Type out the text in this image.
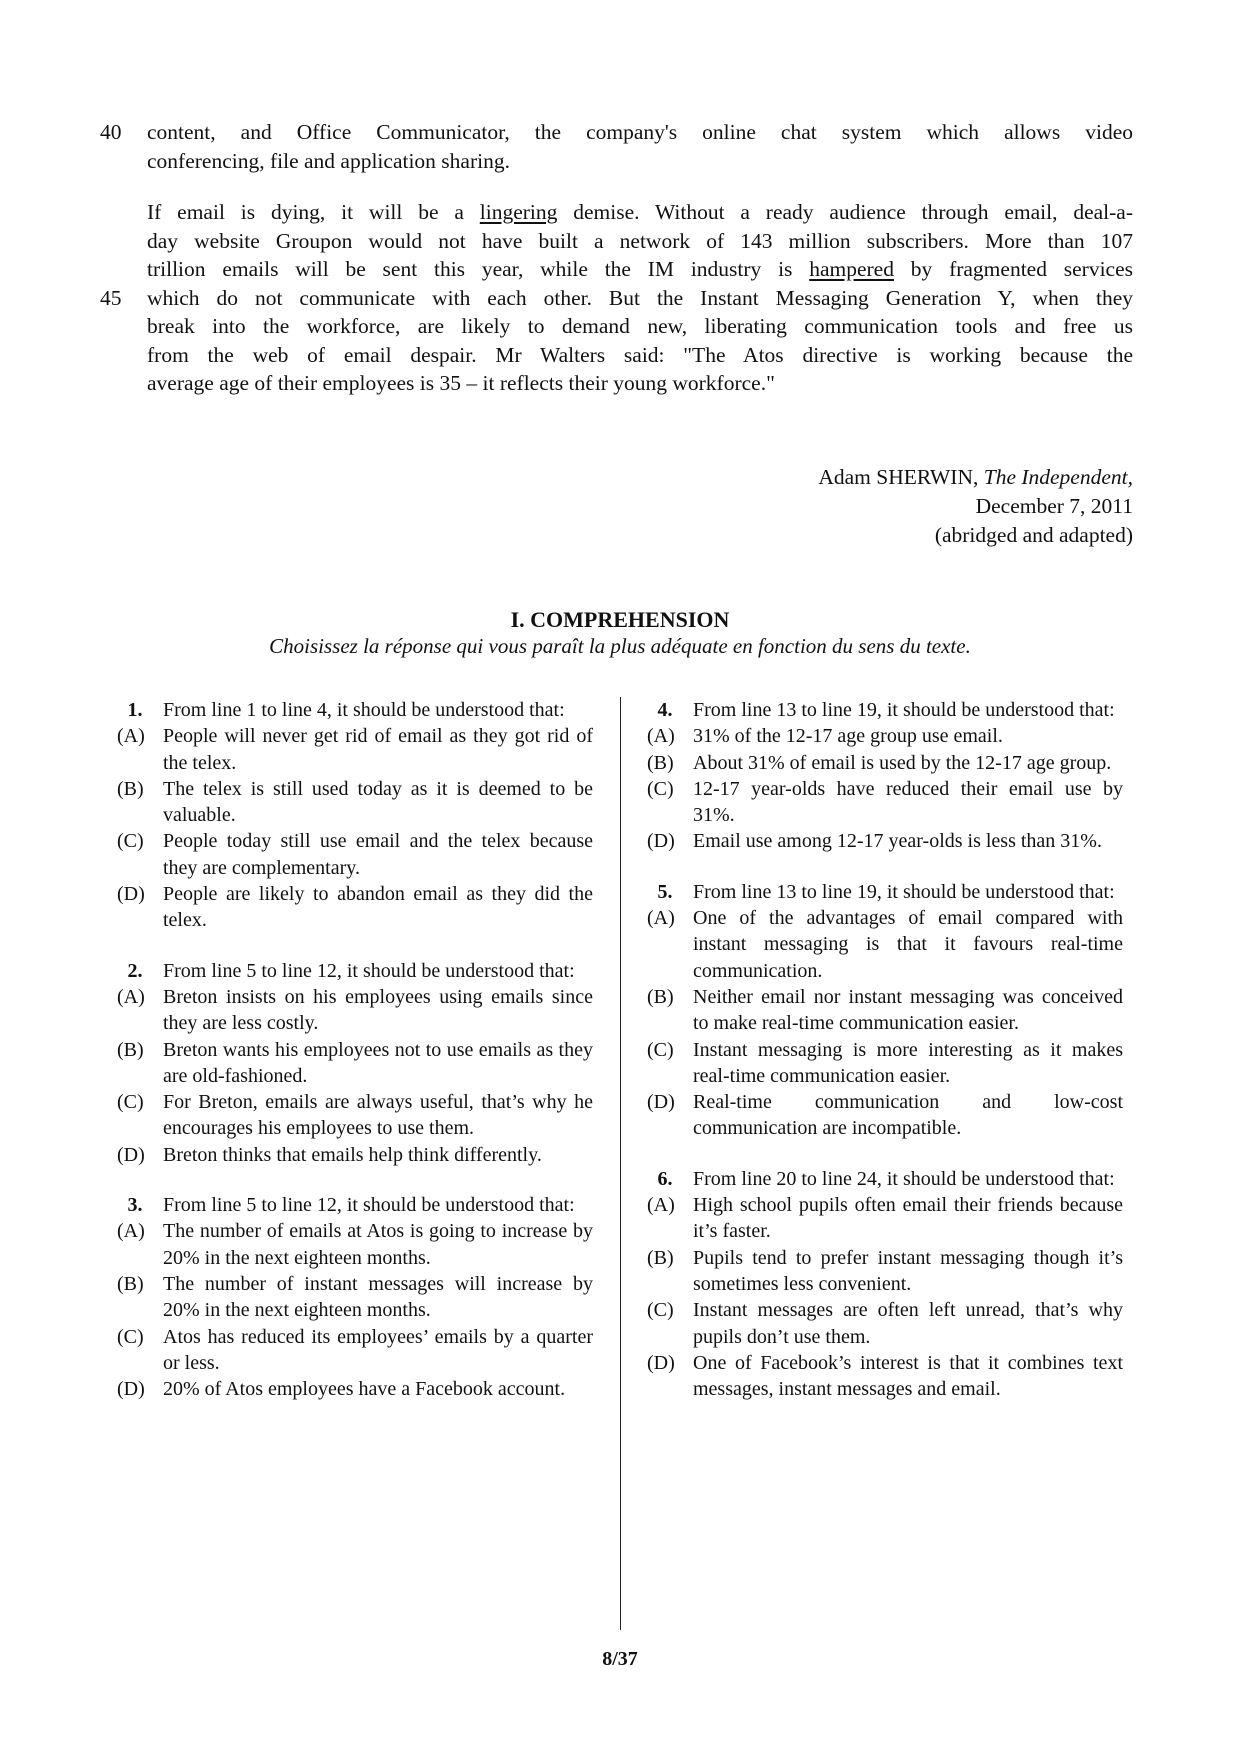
40 content, and Office Communicator, the company's online chat system which allows video
conferencing, file and application sharing.
If email is dying, it will be a lingering demise. Without a ready audience through email, deal-a-
day website Groupon would not have built a network of 143 million subscribers. More than 107
trillion emails will be sent this year, while the IM industry is hampered by fragmented services
45 which do not communicate with each other. But the Instant Messaging Generation Y, when they
break into the workforce, are likely to demand new, liberating communication tools and free us
from the web of email despair. Mr Walters said: "The Atos directive is working because the
average age of their employees is 35 – it reflects their young workforce."
Adam SHERWIN, The Independent,
December 7, 2011
(abridged and adapted)
I. COMPREHENSION
Choisissez la réponse qui vous paraît la plus adéquate en fonction du sens du texte.
1.	From line 1 to line 4, it should be understood that:
(A) People will never get rid of email as they got rid of the telex.
(B) The telex is still used today as it is deemed to be valuable.
(C) People today still use email and the telex because they are complementary.
(D) People are likely to abandon email as they did the telex.
2.	From line 5 to line 12, it should be understood that:
(A) Breton insists on his employees using emails since they are less costly.
(B) Breton wants his employees not to use emails as they are old-fashioned.
(C) For Breton, emails are always useful, that’s why he encourages his employees to use them.
(D) Breton thinks that emails help think differently.
3.	From line 5 to line 12, it should be understood that:
(A) The number of emails at Atos is going to increase by 20% in the next eighteen months.
(B) The number of instant messages will increase by 20% in the next eighteen months.
(C) Atos has reduced its employees’ emails by a quarter or less.
(D) 20% of Atos employees have a Facebook account.
4.	From line 13 to line 19, it should be understood that:
(A) 31% of the 12-17 age group use email.
(B) About 31% of email is used by the 12-17 age group.
(C) 12-17 year-olds have reduced their email use by 31%.
(D) Email use among 12-17 year-olds is less than 31%.
5.	From line 13 to line 19, it should be understood that:
(A) One of the advantages of email compared with instant messaging is that it favours real-time communication.
(B) Neither email nor instant messaging was conceived to make real-time communication easier.
(C) Instant messaging is more interesting as it makes real-time communication easier.
(D) Real-time communication and low-cost communication are incompatible.
6.	From line 20 to line 24, it should be understood that:
(A) High school pupils often email their friends because it’s faster.
(B) Pupils tend to prefer instant messaging though it’s sometimes less convenient.
(C) Instant messages are often left unread, that’s why pupils don’t use them.
(D) One of Facebook’s interest is that it combines text messages, instant messages and email.
8/37
